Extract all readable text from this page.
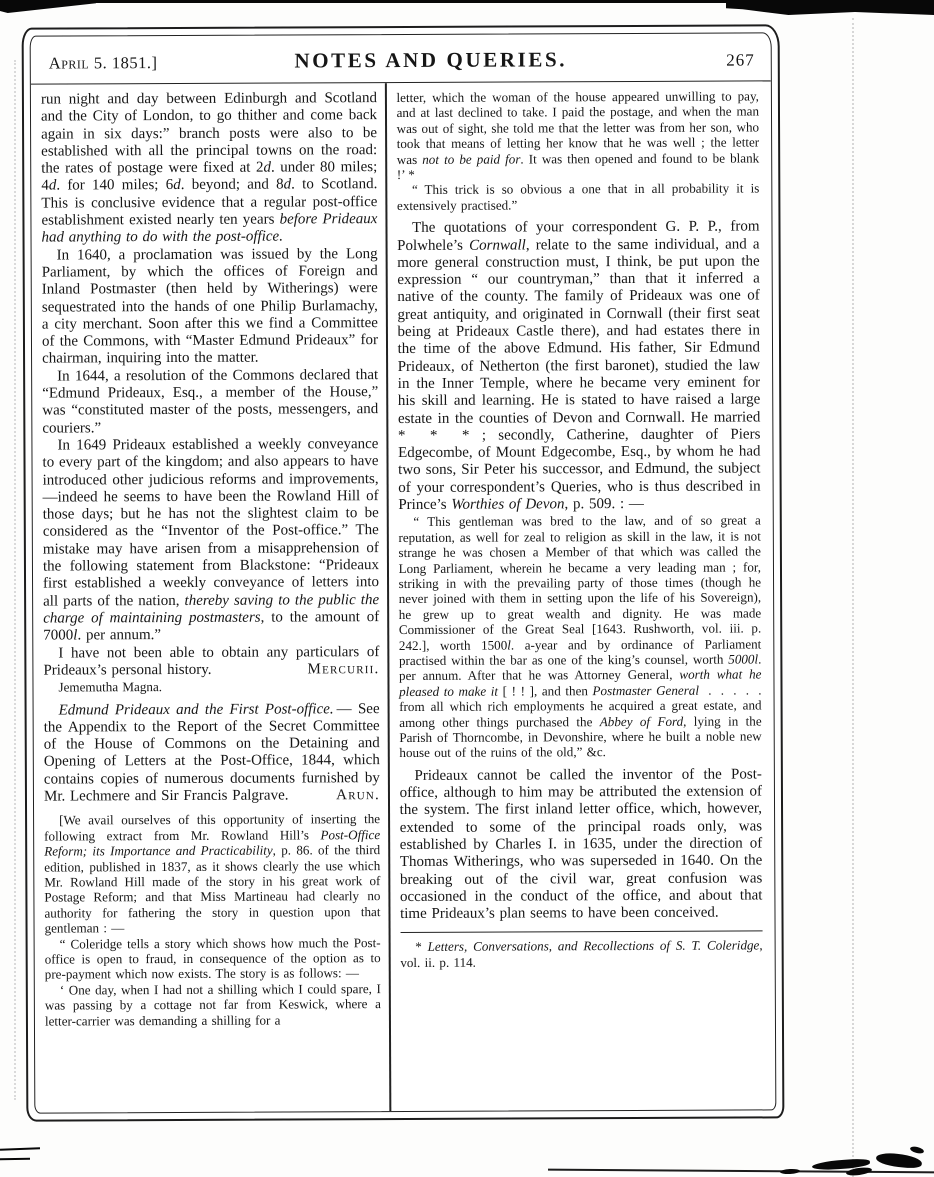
April 5. 1851.]	NOTES AND QUERIES.	267

run night and day between Edinburgh and Scotland and the City of London, to go thither and come back again in six days:” branch posts were also to be established with all the principal towns on the road: the rates of postage were fixed at 2d. under 80 miles; 4d. for 140 miles; 6d. beyond; and 8d. to Scotland. This is conclusive evidence that a regular post-office establishment existed nearly ten years before Prideaux had anything to do with the post-office.

In 1640, a proclamation was issued by the Long Parliament, by which the offices of Foreign and Inland Postmaster (then held by Witherings) were sequestrated into the hands of one Philip Burlamachy, a city merchant. Soon after this we find a Committee of the Commons, with “Master Edmund Prideaux” for chairman, inquiring into the matter.

In 1644, a resolution of the Commons declared that “Edmund Prideaux, Esq., a member of the House,” was “constituted master of the posts, messengers, and couriers.”

In 1649 Prideaux established a weekly conveyance to every part of the kingdom; and also appears to have introduced other judicious reforms and improvements,—indeed he seems to have been the Rowland Hill of those days; but he has not the slightest claim to be considered as the “Inventor of the Post-office.” The mistake may have arisen from a misapprehension of the following statement from Blackstone: “Prideaux first established a weekly conveyance of letters into all parts of the nation, thereby saving to the public the charge of maintaining postmasters, to the amount of 7000l. per annum.”

I have not been able to obtain any particulars of Prideaux’s personal history.	Mercurii.

Jememutha Magna.

Edmund Prideaux and the First Post-office. — See the Appendix to the Report of the Secret Committee of the House of Commons on the Detaining and Opening of Letters at the Post-Office, 1844, which contains copies of numerous documents furnished by Mr. Lechmere and Sir Francis Palgrave.	Arun.

[We avail ourselves of this opportunity of inserting the following extract from Mr. Rowland Hill’s Post-Office Reform; its Importance and Practicability, p. 86. of the third edition, published in 1837, as it shows clearly the use which Mr. Rowland Hill made of the story in his great work of Postage Reform; and that Miss Martineau had clearly no authority for fathering the story in question upon that gentleman : —

“ Coleridge tells a story which shows how much the Post-office is open to fraud, in consequence of the option as to pre-payment which now exists. The story is as follows: —

‘ One day, when I had not a shilling which I could spare, I was passing by a cottage not far from Keswick, where a letter-carrier was demanding a shilling for a

letter, which the woman of the house appeared unwilling to pay, and at last declined to take. I paid the postage, and when the man was out of sight, she told me that the letter was from her son, who took that means of letting her know that he was well ; the letter was not to be paid for. It was then opened and found to be blank !’ *

“ This trick is so obvious a one that in all probability it is extensively practised.”

The quotations of your correspondent G. P. P., from Polwhele’s Cornwall, relate to the same individual, and a more general construction must, I think, be put upon the expression “ our countryman,” than that it inferred a native of the county. The family of Prideaux was one of great antiquity, and originated in Cornwall (their first seat being at Prideaux Castle there), and had estates there in the time of the above Edmund. His father, Sir Edmund Prideaux, of Netherton (the first baronet), studied the law in the Inner Temple, where he became very eminent for his skill and learning. He is stated to have raised a large estate in the counties of Devon and Cornwall. He married *  *  * ; secondly, Catherine, daughter of Piers Edgecombe, of Mount Edgecombe, Esq., by whom he had two sons, Sir Peter his successor, and Edmund, the subject of your correspondent’s Queries, who is thus described in Prince’s Worthies of Devon, p. 509. : —

“ This gentleman was bred to the law, and of so great a reputation, as well for zeal to religion as skill in the law, it is not strange he was chosen a Member of that which was called the Long Parliament, wherein he became a very leading man ; for, striking in with the prevailing party of those times (though he never joined with them in setting upon the life of his Sovereign), he grew up to great wealth and dignity. He was made Commissioner of the Great Seal [1643. Rushworth, vol. iii. p. 242.], worth 1500l. a-year and by ordinance of Parliament practised within the bar as one of the king’s counsel, worth 5000l. per annum. After that he was Attorney General, worth what he pleased to make it [ ! ! ], and then Postmaster General  .  .  .  .  . from all which rich employments he acquired a great estate, and among other things purchased the Abbey of Ford, lying in the Parish of Thorncombe, in Devonshire, where he built a noble new house out of the ruins of the old,” &c.

Prideaux cannot be called the inventor of the Post-office, although to him may be attributed the extension of the system. The first inland letter office, which, however, extended to some of the principal roads only, was established by Charles I. in 1635, under the direction of Thomas Witherings, who was superseded in 1640. On the breaking out of the civil war, great confusion was occasioned in the conduct of the office, and about that time Prideaux’s plan seems to have been conceived.

* Letters, Conversations, and Recollections of S. T. Coleridge, vol. ii. p. 114.
